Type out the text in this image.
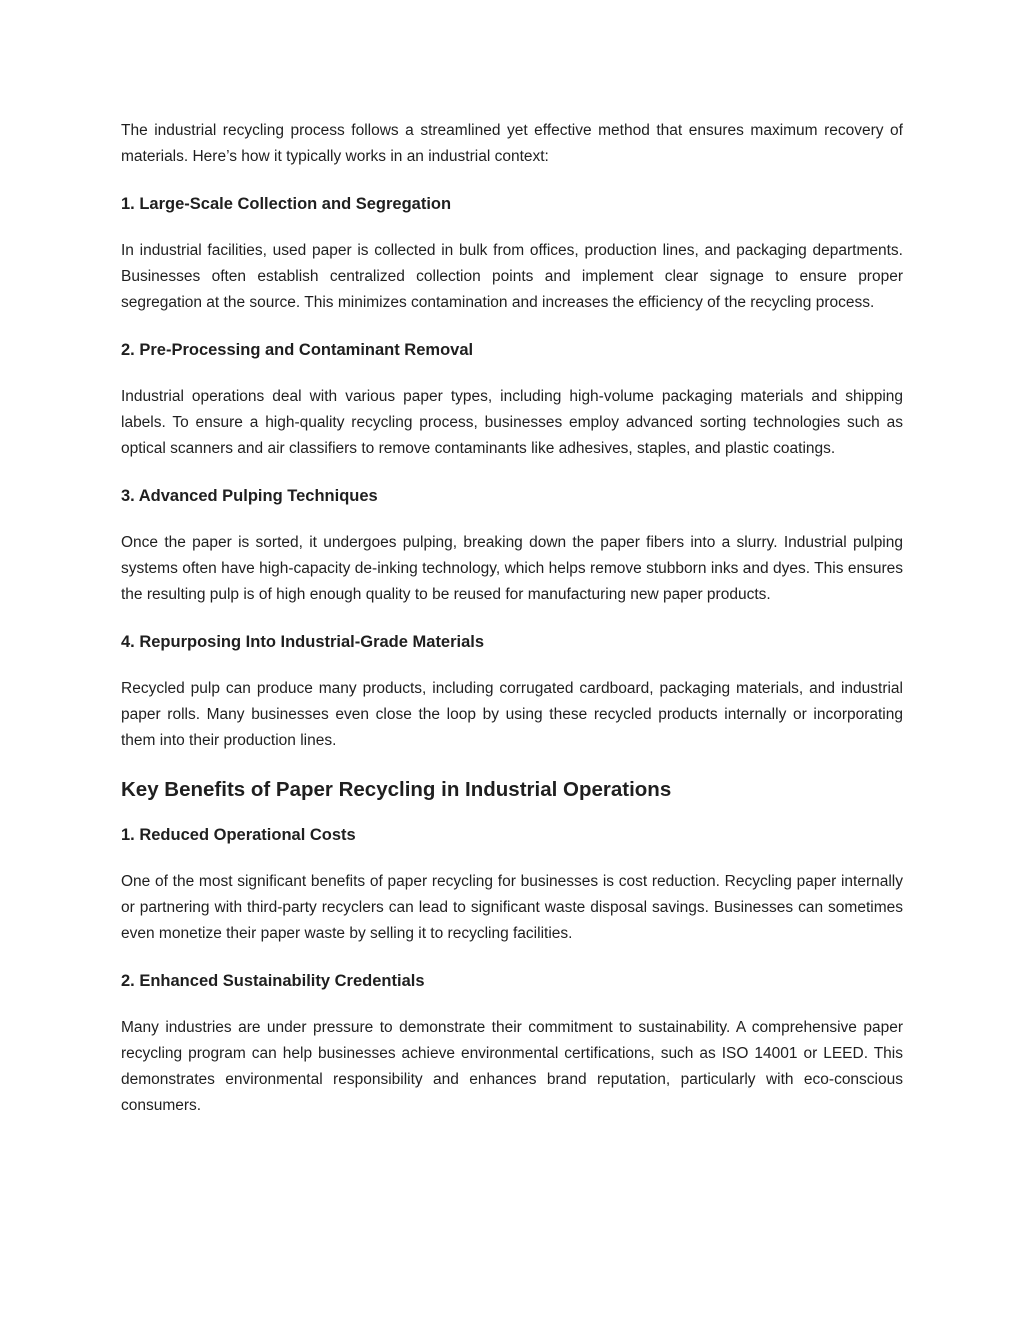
The industrial recycling process follows a streamlined yet effective method that ensures maximum recovery of materials. Here’s how it typically works in an industrial context:

1. Large-Scale Collection and Segregation

In industrial facilities, used paper is collected in bulk from offices, production lines, and packaging departments. Businesses often establish centralized collection points and implement clear signage to ensure proper segregation at the source. This minimizes contamination and increases the efficiency of the recycling process.

2. Pre-Processing and Contaminant Removal

Industrial operations deal with various paper types, including high-volume packaging materials and shipping labels. To ensure a high-quality recycling process, businesses employ advanced sorting technologies such as optical scanners and air classifiers to remove contaminants like adhesives, staples, and plastic coatings.

3. Advanced Pulping Techniques

Once the paper is sorted, it undergoes pulping, breaking down the paper fibers into a slurry. Industrial pulping systems often have high-capacity de-inking technology, which helps remove stubborn inks and dyes. This ensures the resulting pulp is of high enough quality to be reused for manufacturing new paper products.

4. Repurposing Into Industrial-Grade Materials

Recycled pulp can produce many products, including corrugated cardboard, packaging materials, and industrial paper rolls. Many businesses even close the loop by using these recycled products internally or incorporating them into their production lines.

Key Benefits of Paper Recycling in Industrial Operations
1. Reduced Operational Costs

One of the most significant benefits of paper recycling for businesses is cost reduction. Recycling paper internally or partnering with third-party recyclers can lead to significant waste disposal savings. Businesses can sometimes even monetize their paper waste by selling it to recycling facilities.

2. Enhanced Sustainability Credentials

Many industries are under pressure to demonstrate their commitment to sustainability. A comprehensive paper recycling program can help businesses achieve environmental certifications, such as ISO 14001 or LEED. This demonstrates environmental responsibility and enhances brand reputation, particularly with eco-conscious consumers.
